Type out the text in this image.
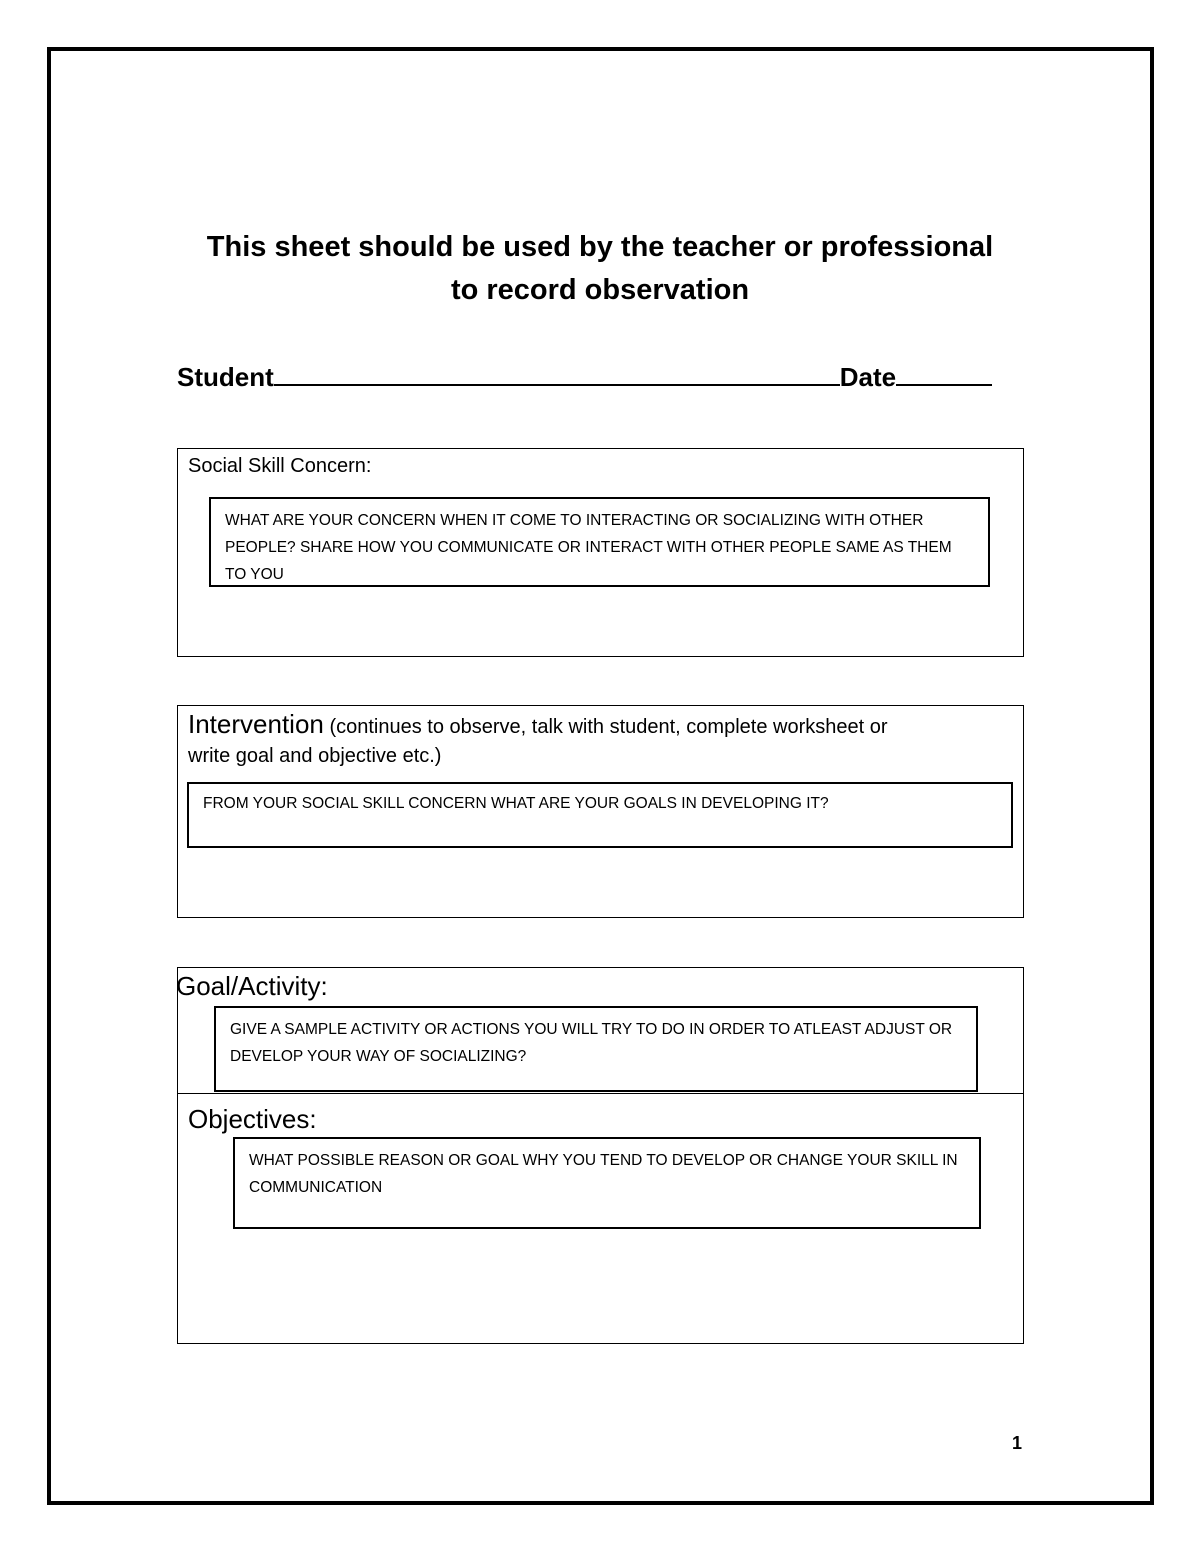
This sheet should be used by the teacher or professional
to record observation
Student	Date
Social Skill Concern:
WHAT ARE YOUR CONCERN WHEN IT COME TO INTERACTING OR SOCIALIZING WITH OTHER PEOPLE? SHARE HOW YOU COMMUNICATE OR INTERACT WITH OTHER PEOPLE SAME AS THEM TO YOU
Intervention (continues to observe, talk with student, complete worksheet or
write goal and objective etc.)
FROM YOUR SOCIAL SKILL CONCERN WHAT ARE YOUR GOALS IN DEVELOPING IT?
Goal/Activity:
GIVE A SAMPLE ACTIVITY OR ACTIONS YOU WILL TRY TO DO IN ORDER TO ATLEAST ADJUST OR DEVELOP YOUR WAY OF SOCIALIZING?
Objectives:
WHAT POSSIBLE REASON OR GOAL WHY YOU TEND TO DEVELOP OR CHANGE YOUR SKILL IN COMMUNICATION
1
